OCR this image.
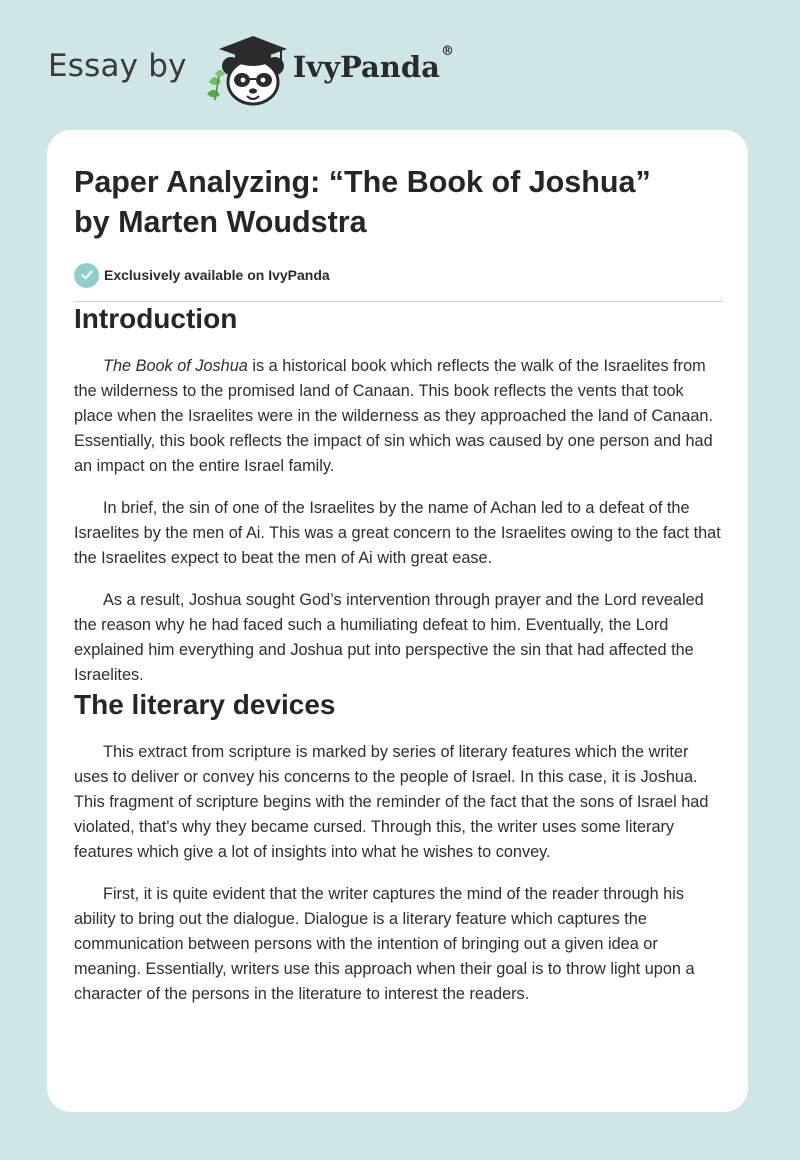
Essay by	IvyPanda®
Paper Analyzing: “The Book of Joshua”
by Marten Woudstra
Exclusively available on IvyPanda
Introduction

The Book of Joshua is a historical book which reflects the walk of the Israelites from the wilderness to the promised land of Canaan. This book reflects the vents that took place when the Israelites were in the wilderness as they approached the land of Canaan. Essentially, this book reflects the impact of sin which was caused by one person and had an impact on the entire Israel family.

In brief, the sin of one of the Israelites by the name of Achan led to a defeat of the Israelites by the men of Ai. This was a great concern to the Israelites owing to the fact that the Israelites expect to beat the men of Ai with great ease.

As a result, Joshua sought God’s intervention through prayer and the Lord revealed the reason why he had faced such a humiliating defeat to him. Eventually, the Lord explained him everything and Joshua put into perspective the sin that had affected the Israelites.

The literary devices

This extract from scripture is marked by series of literary features which the writer uses to deliver or convey his concerns to the people of Israel. In this case, it is Joshua. This fragment of scripture begins with the reminder of the fact that the sons of Israel had violated, that's why they became cursed. Through this, the writer uses some literary features which give a lot of insights into what he wishes to convey.

First, it is quite evident that the writer captures the mind of the reader through his ability to bring out the dialogue. Dialogue is a literary feature which captures the communication between persons with the intention of bringing out a given idea or meaning. Essentially, writers use this approach when their goal is to throw light upon a character of the persons in the literature to interest the readers.
